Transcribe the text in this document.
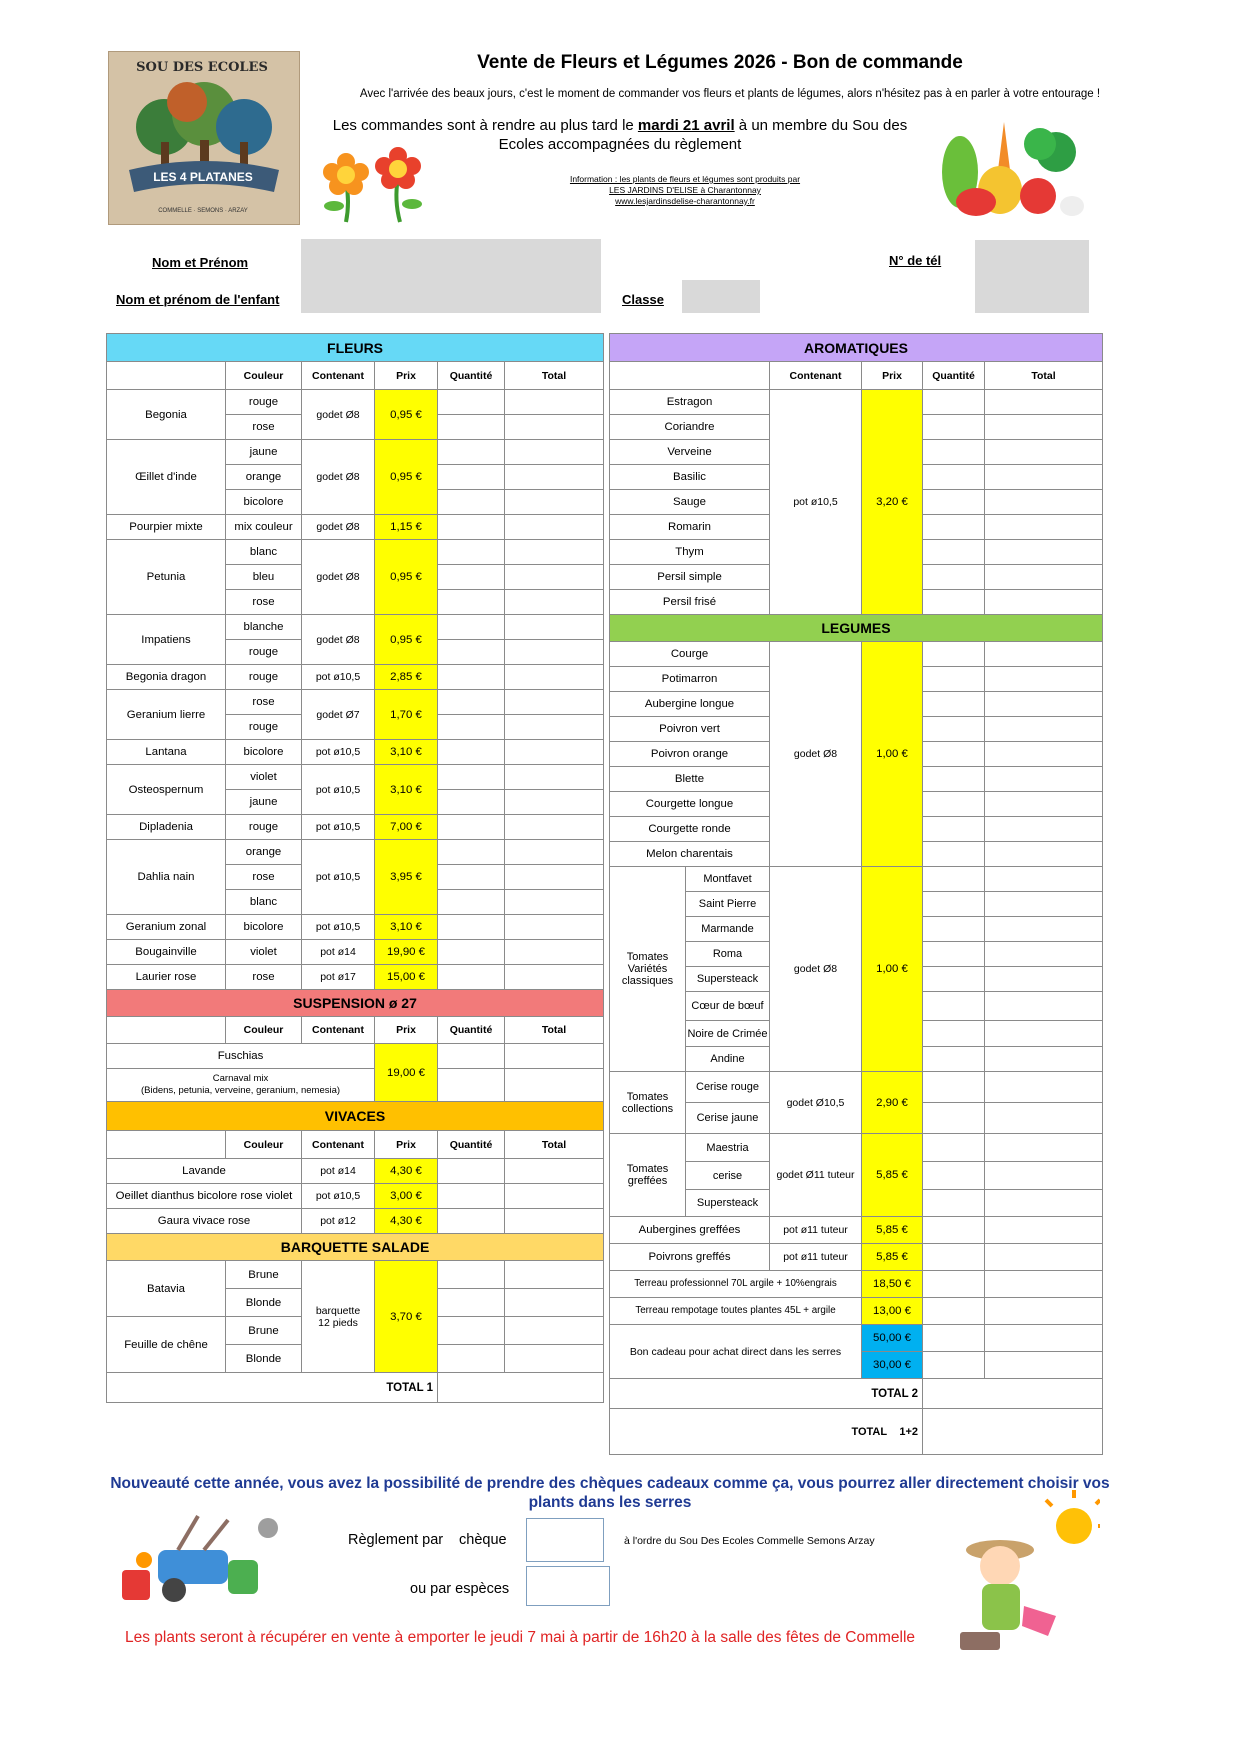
SOU DES ECOLES
LES 4 PLATANES
COMMELLE · SEMONS · ARZAY
Vente de Fleurs et Légumes 2026 - Bon de commande
Avec l'arrivée des beaux jours, c'est le moment de commander vos fleurs et plants de légumes, alors n'hésitez pas à en parler à votre entourage !
Les commandes sont à rendre au plus tard le mardi 21 avril à un membre du Sou des Ecoles accompagnées du règlement
Information : les plants de fleurs et légumes sont produits par
LES JARDINS D'ELISE à Charantonnay
www.lesjardinsdelise-charantonnay.fr
Nom et Prénom
Nom et prénom de l'enfant	Classe
N° de tél
FLEURS					
	Couleur	Contenant	Prix	Quantité	Total
Begonia	rouge	godet Ø8	0,95 €		
	rose				
Œillet d'inde	jaune	godet Ø8	0,95 €		
	orange				
	bicolore				
Pourpier mixte	mix couleur	godet Ø8	1,15 €		
Petunia	blanc	godet Ø8	0,95 €		
	bleu				
	rose				
Impatiens	blanche	godet Ø8	0,95 €		
	rouge				
Begonia dragon	rouge	pot ø10,5	2,85 €		
Geranium lierre	rose	godet Ø7	1,70 €		
	rouge				
Lantana	bicolore	pot ø10,5	3,10 €		
Osteospernum	violet	pot ø10,5	3,10 €		
	jaune				
Dipladenia	rouge	pot ø10,5	7,00 €		
Dahlia nain	orange	pot ø10,5	3,95 €		
	rose				
	blanc				
Geranium zonal	bicolore	pot ø10,5	3,10 €		
Bougainville	violet	pot ø14	19,90 €		
Laurier rose	rose	pot ø17	15,00 €		
SUSPENSION ø 27					
	Couleur	Contenant	Prix	Quantité	Total
Fuschias			19,00 €		

Carnaval mix
(Bidens, petunia, verveine, geranium, nemesia)					

VIVACES					
	Couleur	Contenant	Prix	Quantité	Total
Lavande		pot ø14	4,30 €		
Oeillet dianthus bicolore rose violet		pot ø10,5	3,00 €		
Gaura vivace rose		pot ø12	4,30 €		
BARQUETTE SALADE					
Batavia	Brune	barquette
12 pieds	3,70 €		
	Blonde				
Feuille de chêne	Brune				
	Blonde				
TOTAL 1					
AROMATIQUES					
		Contenant	Prix	Quantité	Total
Estragon		pot ø10,5	3,20 €		
Coriandre					
Verveine					
Basilic					
Sauge					
Romarin					
Thym					
Persil simple					
Persil frisé					
LEGUMES					
Courge		godet Ø8	1,00 €		
Potimarron					
Aubergine longue					
Poivron vert					
Poivron orange					
Blette					
Courgette longue					
Courgette ronde					
Melon charentais					

Tomates
Variétés
classiques	Montfavet	godet Ø8	1,00 €		
	Saint Pierre				
	Marmande				
	Roma				
	Supersteack				
	Cœur de bœuf				
	Noire de Crimée				
	Andine				

Tomates
collections	Cerise rouge	godet Ø10,5	2,90 €		
	Cerise jaune				

Tomates
greffées	Maestria	godet Ø11 tuteur	5,85 €		
	cerise				
	Supersteack				
Aubergines greffées		pot ø11 tuteur	5,85 €		
Poivrons greffés		pot ø11 tuteur	5,85 €		
Terreau professionnel 70L argile + 10%engrais			18,50 €		
Terreau rempotage toutes plantes 45L + argile			13,00 €		
Bon cadeau pour achat direct dans les serres			50,00 €		
			30,00 €		
TOTAL 2					
TOTAL 1+2					
Nouveauté cette année, vous avez la possibilité de prendre des chèques cadeaux comme ça, vous pourrez aller directement choisir vos plants dans les serres
Règlement par chèque	à l'ordre du Sou Des Ecoles Commelle Semons Arzay
ou par espèces
Les plants seront à récupérer en vente à emporter le jeudi 7 mai à partir de 16h20 à la salle des fêtes de Commelle
